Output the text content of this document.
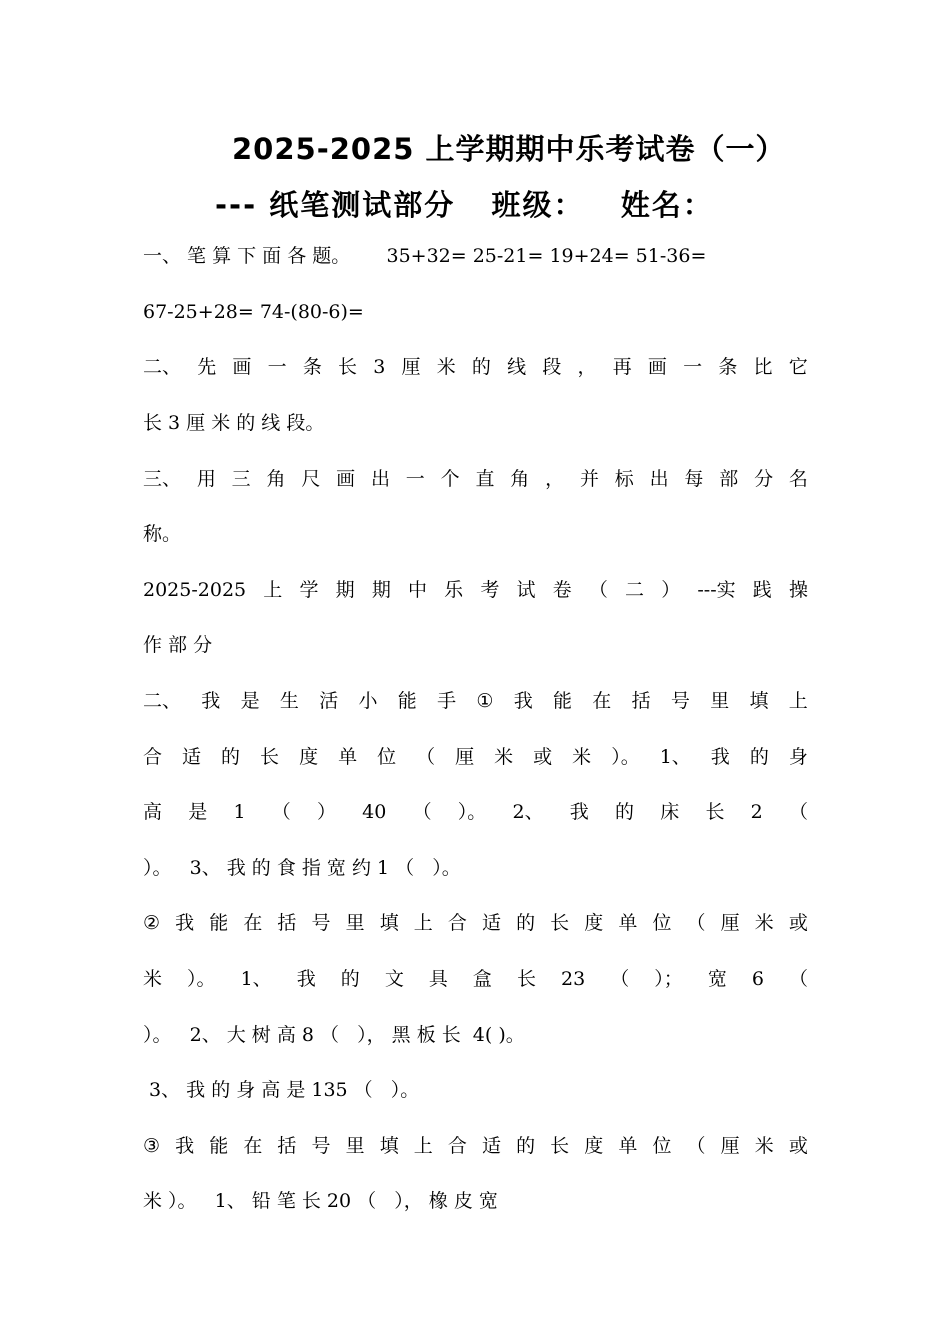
2025-2025 上学期期中乐考试卷（一）
--- 纸笔测试部分   班级：   姓名：
一、 笔 算 下 面 各 题。      35+32= 25-21= 19+24= 51-36=
67-25+28= 74-(80-6)=
二、 先 画 一 条 长 3 厘 米 的 线 段 ， 再 画 一 条 比 它
长 3 厘 米 的 线 段。
三、 用 三 角 尺 画 出 一 个 直 角 ， 并 标 出 每 部 分 名
称。
2025-2025 上 学 期 期 中 乐 考 试 卷 （ 二 ） ---实 践 操
作 部 分
二、 我 是 生 活 小 能 手 ① 我 能 在 括 号 里 填 上
合 适 的 长 度 单 位 （ 厘 米 或 米 ）。 1、 我 的 身
高 是 1 （ ） 40 （ ）。 2、 我 的 床 长 2 （
）。   3、 我 的 食 指 宽 约 1 （   ）。
② 我 能 在 括 号 里 填 上 合 适 的 长 度 单 位 （ 厘 米 或
米 ）。 1、 我 的 文 具 盒 长 23 （ ）； 宽 6 （
）。   2、 大 树 高 8 （   ）， 黑 板 长  4( )。
3、 我 的 身 高 是 135 （   ）。
③ 我 能 在 括 号 里 填 上 合 适 的 长 度 单 位 （ 厘 米 或
米 ）。   1、 铅 笔 长 20 （   ）， 橡 皮 宽
